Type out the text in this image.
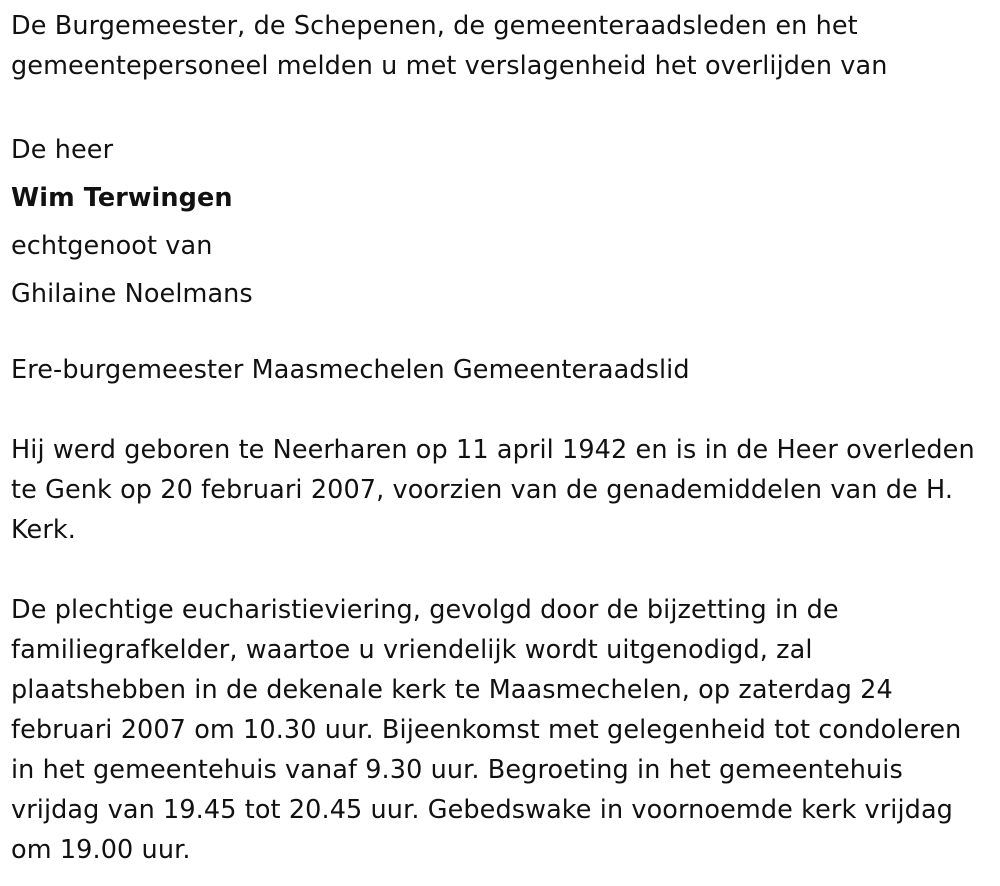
De Burgemeester, de Schepenen, de gemeenteraadsleden en het gemeentepersoneel melden u met verslagenheid het overlijden van

De heer

Wim Terwingen

echtgenoot van

Ghilaine Noelmans

Ere-burgemeester Maasmechelen Gemeenteraadslid

Hij werd geboren te Neerharen op 11 april 1942 en is in de Heer overleden te Genk op 20 februari 2007, voorzien van de genademiddelen van de H. Kerk.

De plechtige eucharistieviering, gevolgd door de bijzetting in de familiegrafkelder, waartoe u vriendelijk wordt uitgenodigd, zal plaatshebben in de dekenale kerk te Maasmechelen, op zaterdag 24 februari 2007 om 10.30 uur. Bijeenkomst met gelegenheid tot condoleren in het gemeentehuis vanaf 9.30 uur. Begroeting in het gemeentehuis vrijdag van 19.45 tot 20.45 uur. Gebedswake in voornoemde kerk vrijdag om 19.00 uur.
